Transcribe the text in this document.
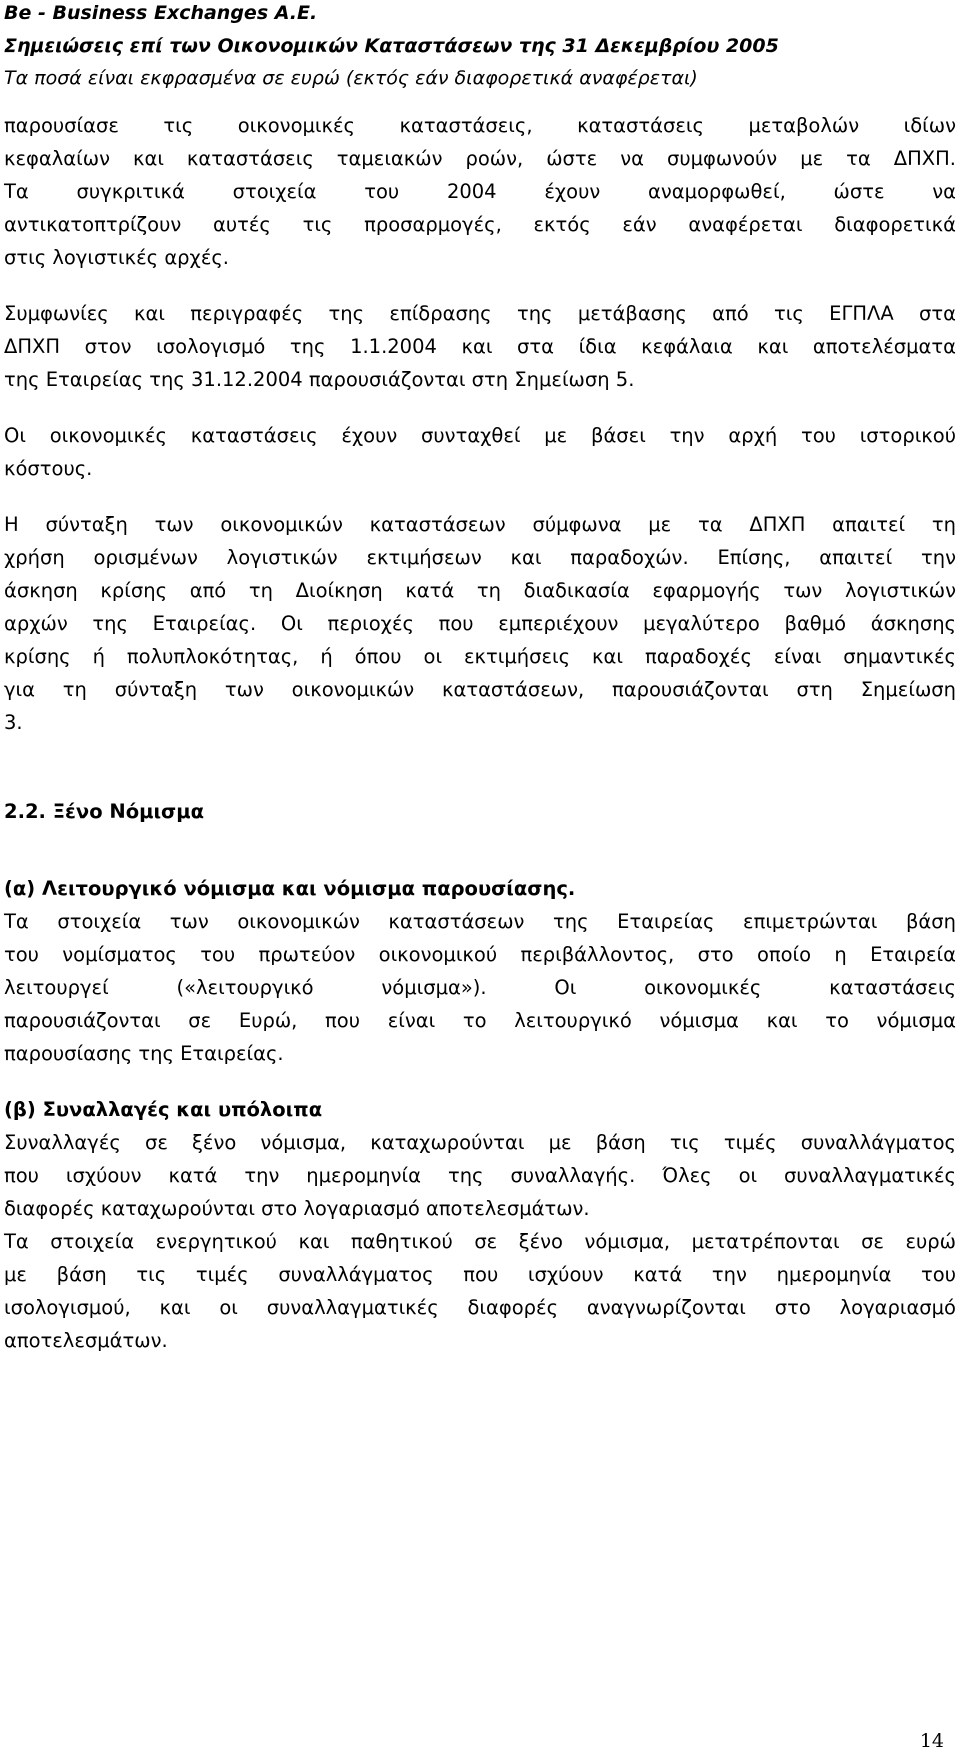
Be - Business Exchanges A.E.
Σημειώσεις επί των Οικονομικών Καταστάσεων της 31 Δεκεμβρίου 2005
Τα ποσά είναι εκφρασμένα σε ευρώ (εκτός εάν διαφορετικά αναφέρεται)
παρουσίασε τις οικονομικές καταστάσεις, καταστάσεις μεταβολών ιδίων
κεφαλαίων και καταστάσεις ταμειακών ροών, ώστε να συμφωνούν με τα ΔΠΧΠ.
Τα συγκριτικά στοιχεία του 2004 έχουν αναμορφωθεί, ώστε να
αντικατοπτρίζουν αυτές τις προσαρμογές, εκτός εάν αναφέρεται διαφορετικά
στις λογιστικές αρχές.
Συμφωνίες και περιγραφές της επίδρασης της μετάβασης από τις ΕΓΠΛΑ στα
ΔΠΧΠ στον ισολογισμό της 1.1.2004 και στα ίδια κεφάλαια και αποτελέσματα
της Εταιρείας της 31.12.2004 παρουσιάζονται στη Σημείωση 5.
Οι οικονομικές καταστάσεις έχουν συνταχθεί με βάσει την αρχή του ιστορικού
κόστους.
Η σύνταξη των οικονομικών καταστάσεων σύμφωνα με τα ΔΠΧΠ απαιτεί τη
χρήση ορισμένων λογιστικών εκτιμήσεων και παραδοχών. Επίσης, απαιτεί την
άσκηση κρίσης από τη Διοίκηση κατά τη διαδικασία εφαρμογής των λογιστικών
αρχών της Εταιρείας. Οι περιοχές που εμπεριέχουν μεγαλύτερο βαθμό άσκησης
κρίσης ή πολυπλοκότητας, ή όπου οι εκτιμήσεις και παραδοχές είναι σημαντικές
για τη σύνταξη των οικονομικών καταστάσεων, παρουσιάζονται στη Σημείωση
3.
2.2. Ξένο Νόμισμα
(α) Λειτουργικό νόμισμα και νόμισμα παρουσίασης.
Τα στοιχεία των οικονομικών καταστάσεων της Εταιρείας επιμετρώνται βάση
του νομίσματος του πρωτεύον οικονομικού περιβάλλοντος, στο οποίο η Εταιρεία
λειτουργεί («λειτουργικό νόμισμα»). Οι οικονομικές καταστάσεις
παρουσιάζονται σε Ευρώ, που είναι το λειτουργικό νόμισμα και το νόμισμα
παρουσίασης της Εταιρείας.
(β) Συναλλαγές και υπόλοιπα
Συναλλαγές σε ξένο νόμισμα, καταχωρούνται με βάση τις τιμές συναλλάγματος
που ισχύουν κατά την ημερομηνία της συναλλαγής. Όλες οι συναλλαγματικές
διαφορές καταχωρούνται στο λογαριασμό αποτελεσμάτων.
Τα στοιχεία ενεργητικού και παθητικού σε ξένο νόμισμα, μετατρέπονται σε ευρώ
με βάση τις τιμές συναλλάγματος που ισχύουν κατά την ημερομηνία του
ισολογισμού, και οι συναλλαγματικές διαφορές αναγνωρίζονται στο λογαριασμό
αποτελεσμάτων.
14
